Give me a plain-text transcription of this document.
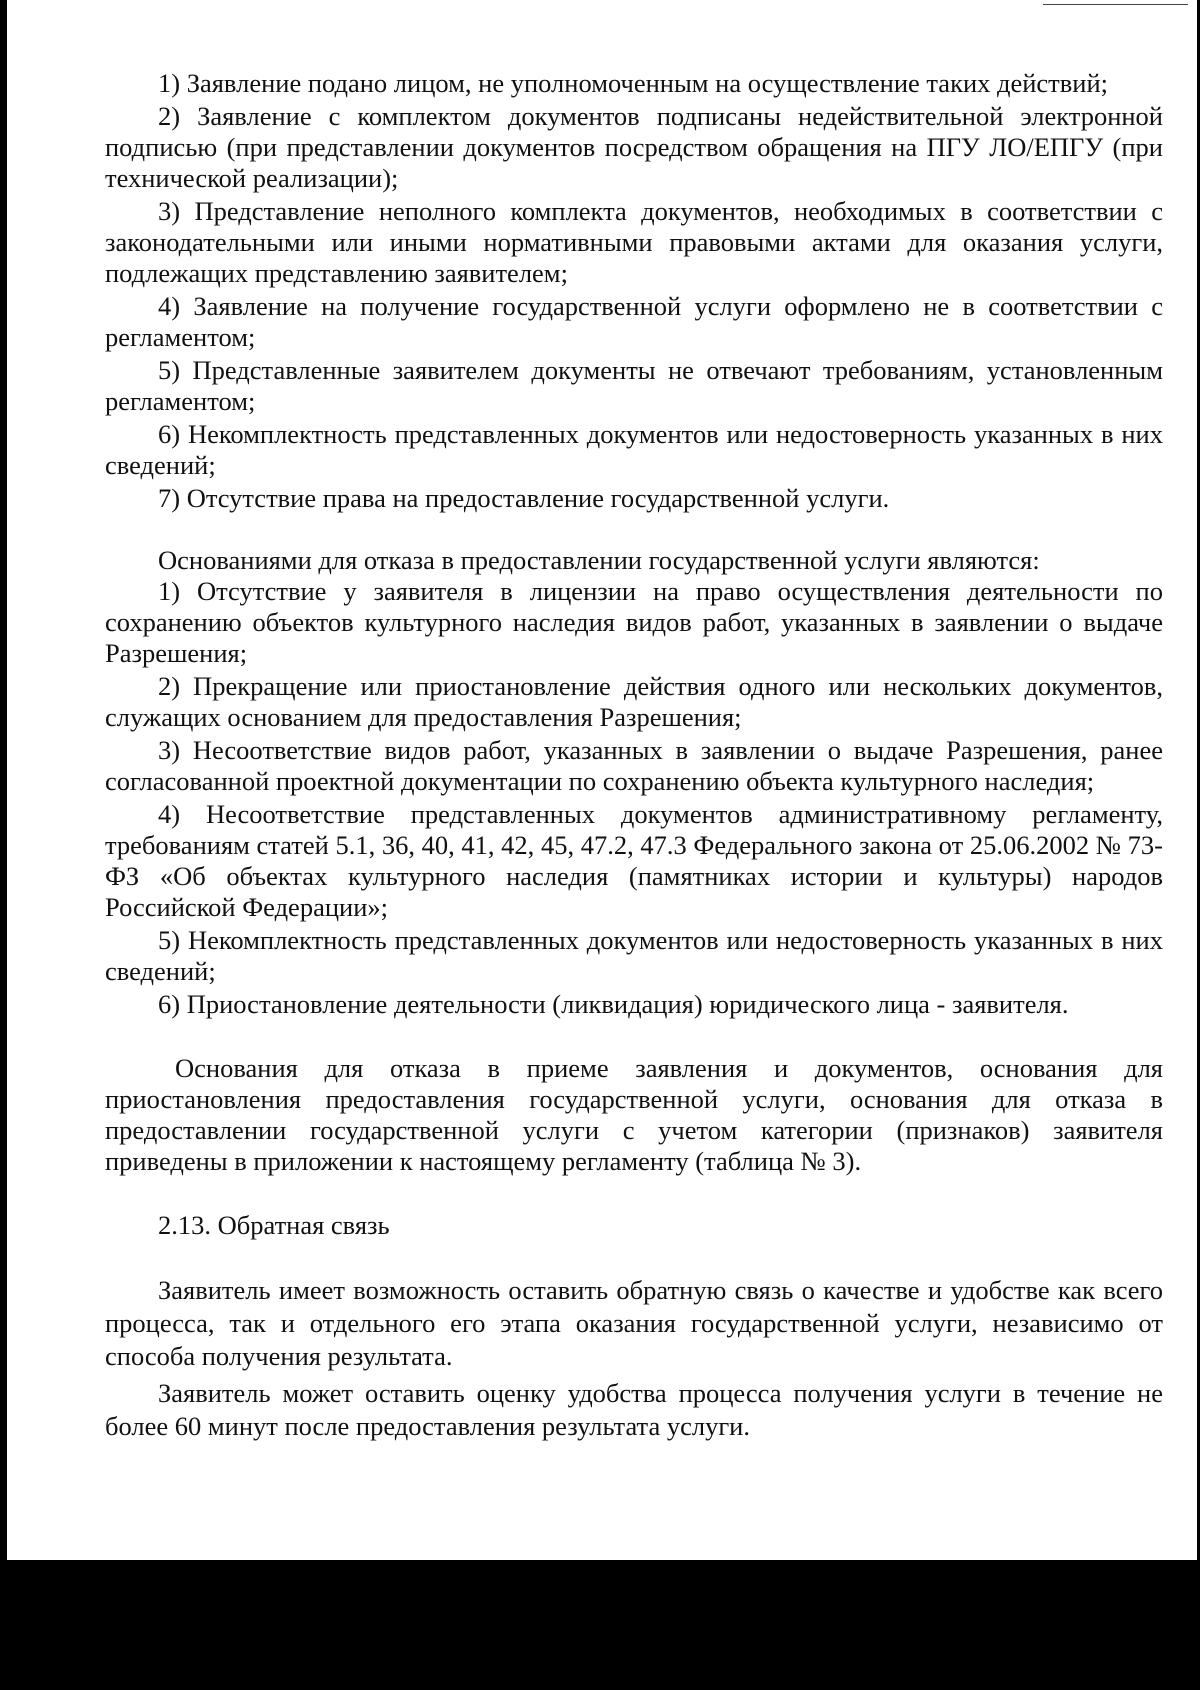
1) Заявление подано лицом, не уполномоченным на осуществление таких действий;

2) Заявление с комплектом документов подписаны недействительной электронной подписью (при представлении документов посредством обращения на ПГУ ЛО/ЕПГУ (при технической реализации);

3) Представление неполного комплекта документов, необходимых в соответствии с законодательными или иными нормативными правовыми актами для оказания услуги, подлежащих представлению заявителем;

4) Заявление на получение государственной услуги оформлено не в соответствии с регламентом;

5) Представленные заявителем документы не отвечают требованиям, установленным регламентом;

6) Некомплектность представленных документов или недостоверность указанных в них сведений;

7) Отсутствие права на предоставление государственной услуги.

Основаниями для отказа в предоставлении государственной услуги являются:

1) Отсутствие у заявителя в лицензии на право осуществления деятельности по сохранению объектов культурного наследия видов работ, указанных в заявлении о выдаче Разрешения;

2) Прекращение или приостановление действия одного или нескольких документов, служащих основанием для предоставления Разрешения;

3) Несоответствие видов работ, указанных в заявлении о выдаче Разрешения, ранее согласованной проектной документации по сохранению объекта культурного наследия;

4) Несоответствие представленных документов административному регламенту, требованиям статей 5.1, 36, 40, 41, 42, 45, 47.2, 47.3 Федерального закона от 25.06.2002 № 73-ФЗ «Об объектах культурного наследия (памятниках истории и культуры) народов Российской Федерации»;

5) Некомплектность представленных документов или недостоверность указанных в них сведений;

6) Приостановление деятельности (ликвидация) юридического лица - заявителя.

Основания для отказа в приеме заявления и документов, основания для приостановления предоставления государственной услуги, основания для отказа в предоставлении государственной услуги с учетом категории (признаков) заявителя приведены в приложении к настоящему регламенту (таблица № 3).

2.13. Обратная связь

Заявитель имеет возможность оставить обратную связь о качестве и удобстве как всего процесса, так и отдельного его этапа оказания государственной услуги, независимо от способа получения результата.

Заявитель может оставить оценку удобства процесса получения услуги в течение не более 60 минут после предоставления результата услуги.
